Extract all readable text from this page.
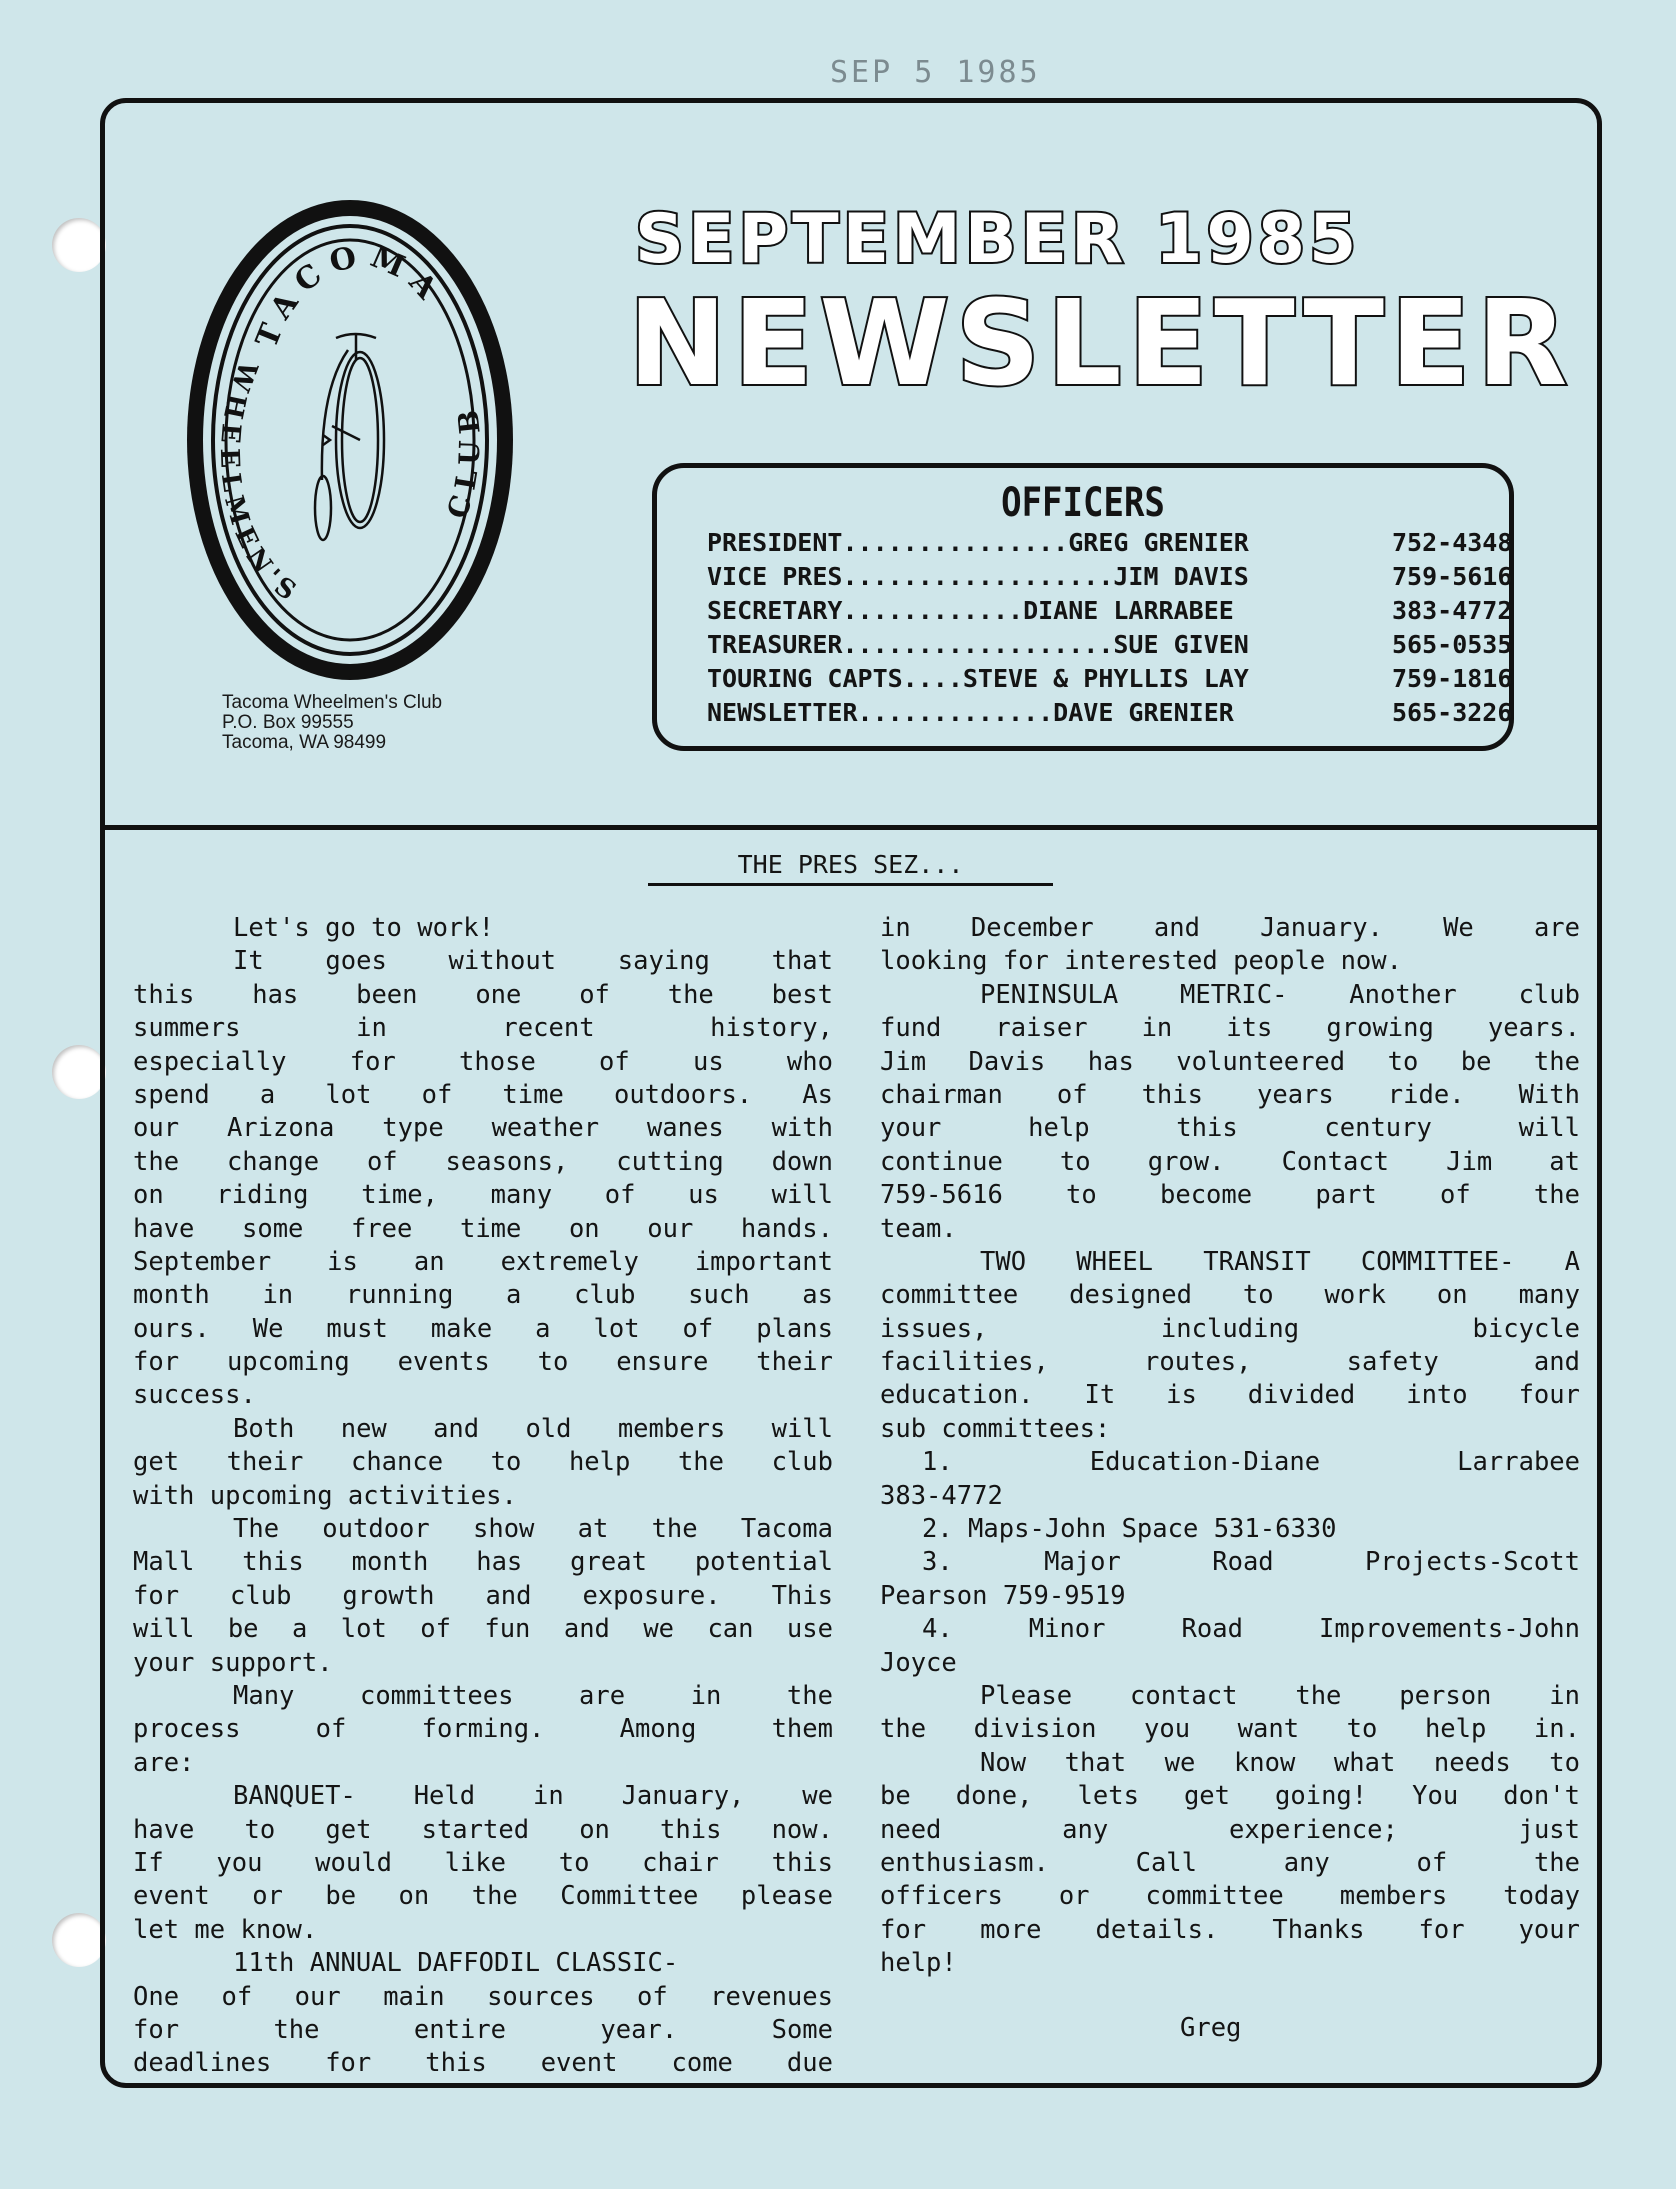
SEP 5 1985
TACOMA
WHEELMEN'S
CLUB
Tacoma Wheelmen's Club
P.O. Box 99555
Tacoma, WA 98499
SEPTEMBER 1985
NEWSLETTER
OFFICERS
PRESIDENT...............GREG GRENIER	752-4348
VICE PRES..................JIM DAVIS	759-5616
SECRETARY............DIANE LARRABEE	383-4772
TREASURER..................SUE GIVEN	565-0535
TOURING CAPTS....STEVE & PHYLLIS LAY	759-1816
NEWSLETTER.............DAVE GRENIER	565-3226
THE PRES SEZ...
Let's go to work!
It goes without saying that
this has been one of the best
summers in recent history,
especially for those of us who
spend a lot of time outdoors. As
our Arizona type weather wanes with
the change of seasons, cutting down
on riding time, many of us will
have some free time on our hands.
September is an extremely important
month in running a club such as
ours. We must make a lot of plans
for upcoming events to ensure their
success.
Both new and old members will
get their chance to help the club
with upcoming activities.
The outdoor show at the Tacoma
Mall this month has great potential
for club growth and exposure. This
will be a lot of fun and we can use
your support.
Many committees are in the
process of forming. Among them
are:
BANQUET- Held in January, we
have to get started on this now.
If you would like to chair this
event or be on the Committee please
let me know.
11th ANNUAL DAFFODIL CLASSIC-
One of our main sources of revenues
for the entire year. Some
deadlines for this event come due
in December and January. We are
looking for interested people now.
PENINSULA METRIC- Another club
fund raiser in its growing years.
Jim Davis has volunteered to be the
chairman of this years ride. With
your help this century will
continue to grow. Contact Jim at
759-5616 to become part of the
team.
TWO WHEEL TRANSIT COMMITTEE- A
committee designed to work on many
issues, including bicycle
facilities, routes, safety and
education. It is divided into four
sub committees:
1. Education-Diane Larrabee
383-4772
2. Maps-John Space 531-6330
3. Major Road Projects-Scott
Pearson 759-9519
4. Minor Road Improvements-John
Joyce
Please contact the person in
the division you want to help in.
Now that we know what needs to
be done, lets get going! You don't
need any experience; just
enthusiasm. Call any of the
officers or committee members today
for more details. Thanks for your
help!
Greg
